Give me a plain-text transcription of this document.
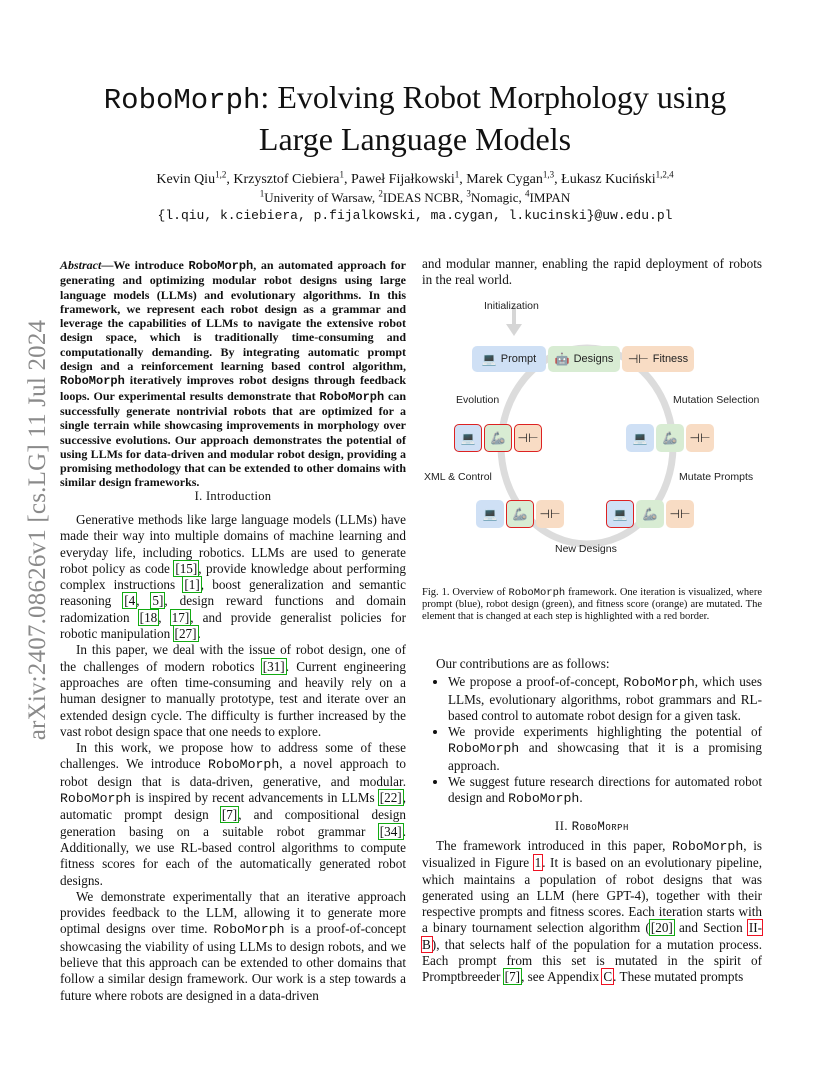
arXiv:2407.08626v1 [cs.LG] 11 Jul 2024
RoboMorph: Evolving Robot Morphology using Large Language Models
Kevin Qiu$^{1,2}$, Krzysztof Ciebiera$^1$, Paweł Fijałkowski$^1$, Marek Cygan$^{1,3}$, Łukasz Kuciński$^{1,2,4}$
$^1$Univerity of Warsaw, $^2$IDEAS NCBR, $^3$Nomagic, $^4$IMPAN
{l.qiu, k.ciebiera, p.fijalkowski, ma.cygan, l.kucinski}@uw.edu.pl
Abstract—We introduce RoboMorph, an automated approach for generating and optimizing modular robot designs using large language models (LLMs) and evolutionary algorithms. In this framework, we represent each robot design as a grammar and leverage the capabilities of LLMs to navigate the extensive robot design space, which is traditionally time-consuming and computationally demanding. By integrating automatic prompt design and a reinforcement learning based control algorithm, RoboMorph iteratively improves robot designs through feedback loops. Our experimental results demonstrate that RoboMorph can successfully generate nontrivial robots that are optimized for a single terrain while showcasing improvements in morphology over successive evolutions. Our approach demonstrates the potential of using LLMs for data-driven and modular robot design, providing a promising methodology that can be extended to other domains with similar design frameworks.
I. Introduction

Generative methods like large language models (LLMs) have made their way into multiple domains of machine learning and everyday life, including robotics. LLMs are used to generate robot policy as code [15], provide knowledge about performing complex instructions [1], boost generalization and semantic reasoning [4, 5], design reward functions and domain radomization [18, 17], and provide generalist policies for robotic manipulation [27].

In this paper, we deal with the issue of robot design, one of the challenges of modern robotics [31]. Current engineering approaches are often time-consuming and heavily rely on a human designer to manually prototype, test and iterate over an extended design cycle. The difficulty is further increased by the vast robot design space that one needs to explore.

In this work, we propose how to address some of these challenges. We introduce RoboMorph, a novel approach to robot design that is data-driven, generative, and modular. RoboMorph is inspired by recent advancements in LLMs [22], automatic prompt design [7], and compositional design generation basing on a suitable robot grammar [34]. Additionally, we use RL-based control algorithms to compute fitness scores for each of the automatically generated robot designs.

We demonstrate experimentally that an iterative approach provides feedback to the LLM, allowing it to generate more optimal designs over time. RoboMorph is a proof-of-concept showcasing the viability of using LLMs to design robots, and we believe that this approach can be extended to other domains that follow a similar design framework. Our work is a step towards a future where robots are designed in a data-driven

and modular manner, enabling the rapid deployment of robots in the real world.
Initialization
💻 Prompt 🤖 Designs ⊣⊢ Fitness
Evolution	Mutation Selection
💻 🦾 ⊣⊢	💻 🦾 ⊣⊢
XML & Control	Mutate Prompts
💻 🦾 ⊣⊢	💻 🦾 ⊣⊢
New Designs
Fig. 1. Overview of RoboMorph framework. One iteration is visualized, where prompt (blue), robot design (green), and fitness score (orange) are mutated. The element that is changed at each step is highlighted with a red border.

Our contributions are as follows:

• We propose a proof-of-concept, RoboMorph, which uses LLMs, evolutionary algorithms, robot grammars and RL-based control to automate robot design for a given task.
• We provide experiments highlighting the potential of RoboMorph and showcasing that it is a promising approach.
• We suggest future research directions for automated robot design and RoboMorph.
II. RoboMorph

The framework introduced in this paper, RoboMorph, is visualized in Figure 1. It is based on an evolutionary pipeline, which maintains a population of robot designs that was generated using an LLM (here GPT-4), together with their respective prompts and fitness scores. Each iteration starts with a binary tournament selection algorithm ([20] and Section II-B), that selects half of the population for a mutation process. Each prompt from this set is mutated in the spirit of Promptbreeder [7], see Appendix C. These mutated prompts
